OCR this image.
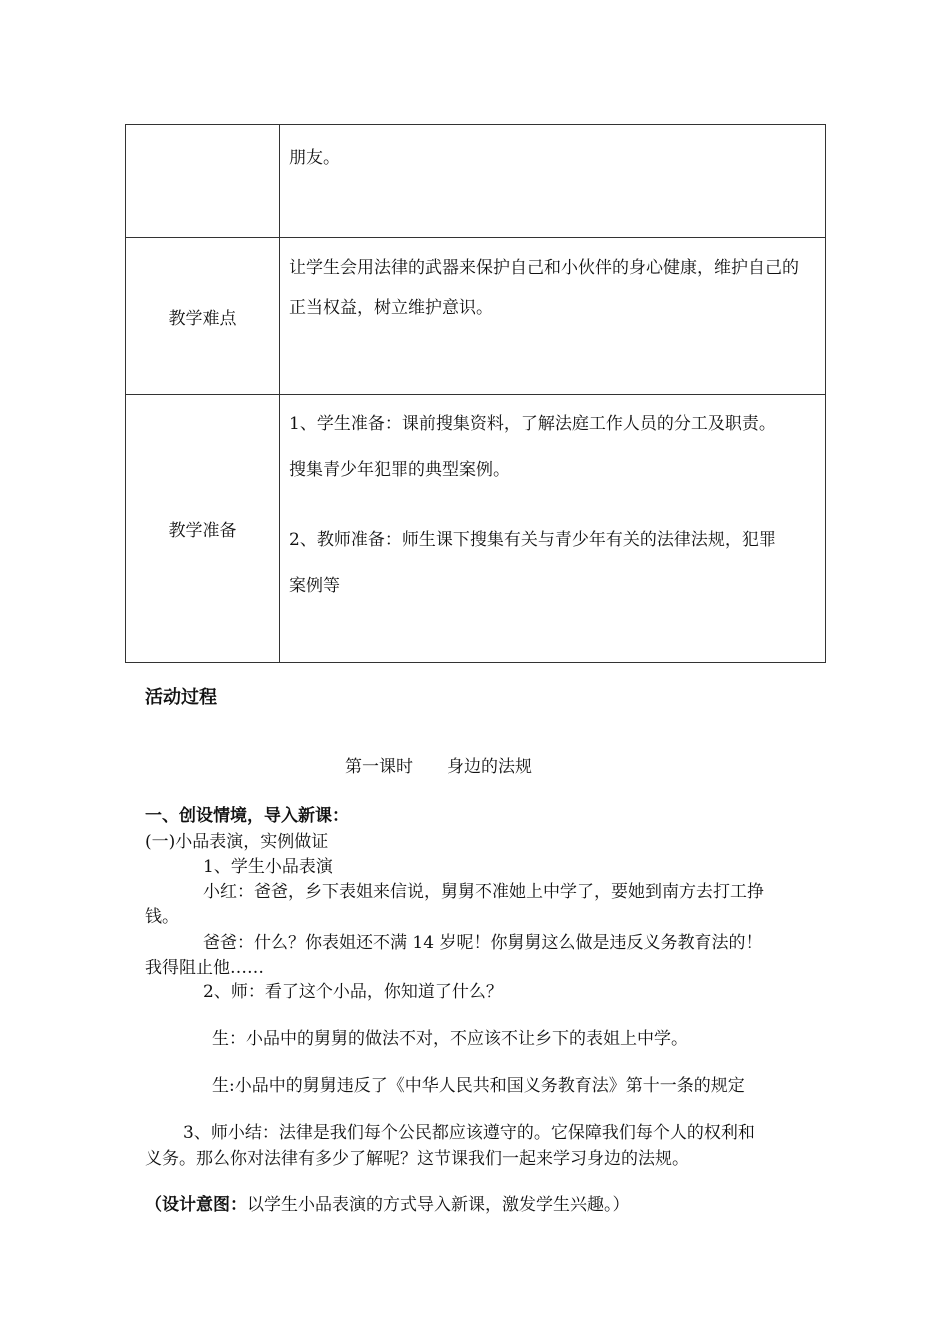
	朋友。

教学难点	让学生会用法律的武器来保护自己和小伙伴的身心健康，维护自己的正当权益，树立维护意识。

教学准备	1、学生准备：课前搜集资料，了解法庭工作人员的分工及职责。

搜集青少年犯罪的典型案例。

2、教师准备：师生课下搜集有关与青少年有关的法律法规，犯罪

案例等

活动过程

第一课时　　身边的法规

一、创设情境，导入新课：

(一)小品表演，实例做证

1、学生小品表演

小红：爸爸，乡下表姐来信说，舅舅不准她上中学了，要她到南方去打工挣

钱。

爸爸：什么？你表姐还不满 14 岁呢！你舅舅这么做是违反义务教育法的！

我得阻止他……

2、师：看了这个小品，你知道了什么？

生：小品中的舅舅的做法不对，不应该不让乡下的表姐上中学。

生:小品中的舅舅违反了《中华人民共和国义务教育法》第十一条的规定

3、师小结：法律是我们每个公民都应该遵守的。它保障我们每个人的权利和

义务。那么你对法律有多少了解呢？这节课我们一起来学习身边的法规。

（设计意图：以学生小品表演的方式导入新课，激发学生兴趣。）
